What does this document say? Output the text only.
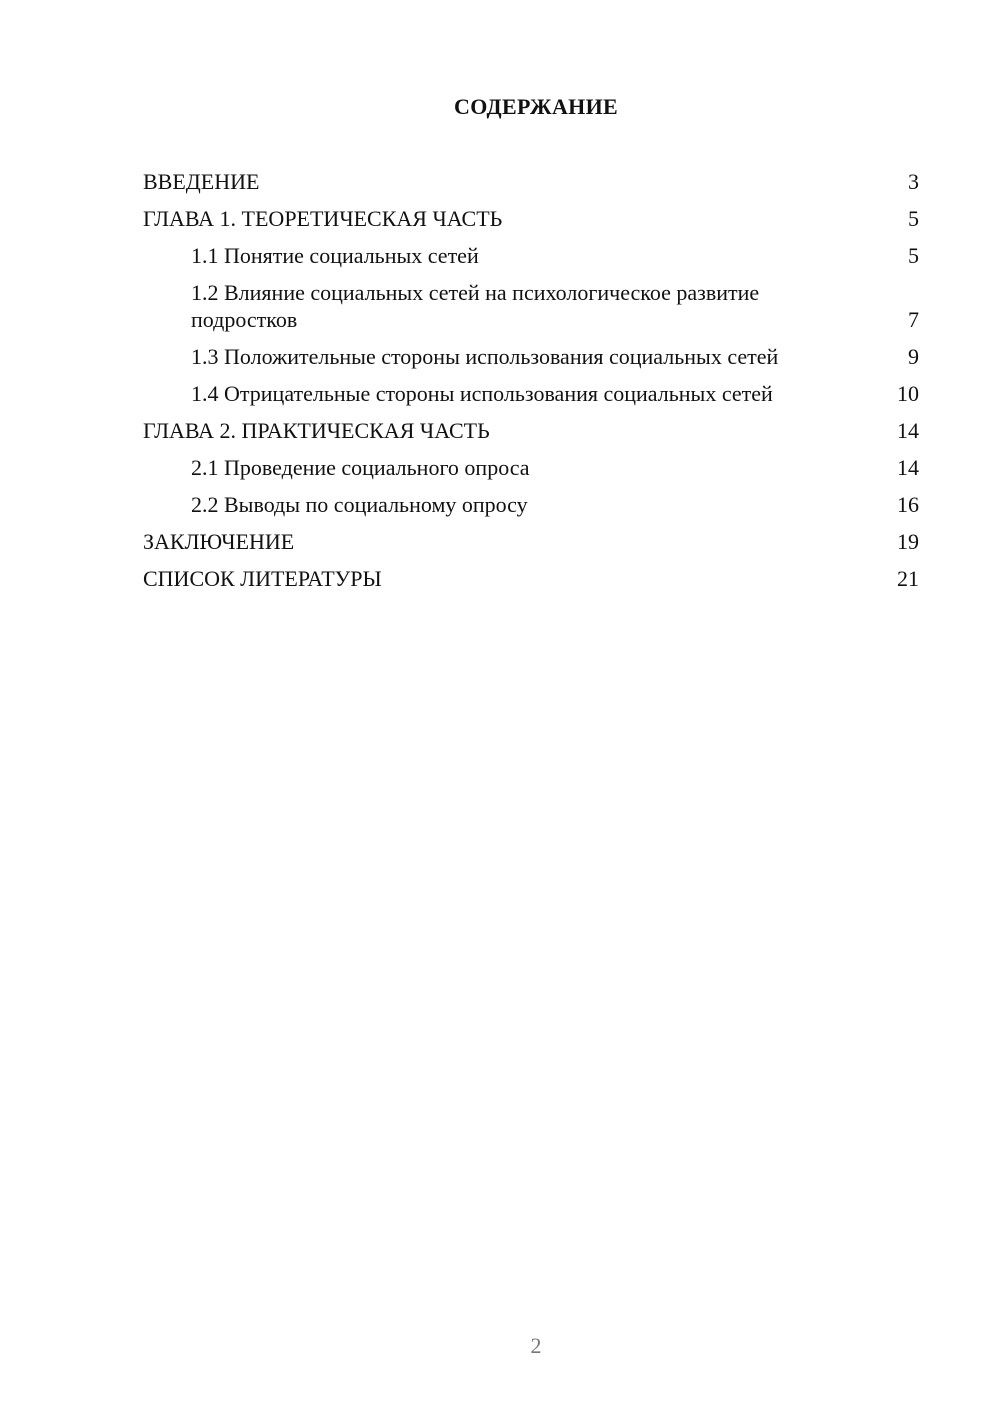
СОДЕРЖАНИЕ
ВВЕДЕНИЕ	3
ГЛАВА 1. ТЕОРЕТИЧЕСКАЯ ЧАСТЬ	5
1.1 Понятие социальных сетей	5
1.2 Влияние социальных сетей на психологическое развитие подростков	7
1.3 Положительные стороны использования социальных сетей	9
1.4 Отрицательные стороны использования социальных сетей	10
ГЛАВА 2. ПРАКТИЧЕСКАЯ ЧАСТЬ	14
2.1 Проведение социального опроса	14
2.2 Выводы по социальному опросу	16
ЗАКЛЮЧЕНИЕ	19
СПИСОК ЛИТЕРАТУРЫ	21
2
